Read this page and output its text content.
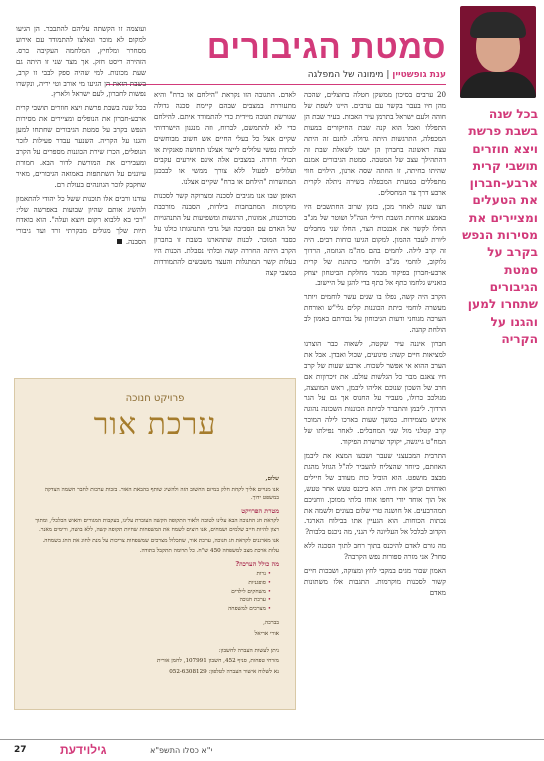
בכל שנה בשבת פרשת ויצא חוזרים תושבי קרית ארבע-חברון את הטעלים ומציירים את מסירות הנפש בקרב על סמטת הגיבורים שתחרו למען והגנו על הקריה
סמטת הגיבורים
ענת גופשטיין | מימונה של המפלגה

20 ערבים בסיכון ממשקן חטלה בחוצלים, שהכה מהן חיו בעבר בקשר עם ערבים. היינו לשפת של חוהה ולעם ישראל בתרמן עיר האבות. בעיר שבת הן התפללו ואבל הוא קנה שבת החיקורים במעות המכפלה, התרגשות היתה גדולה. לחנם זה היתה עצה ראשונה בחברון הן ישבו לשאלת שבת זה דהתהילך עצב של המטבה. סמטת הגיבורים אמנם שהיתו בחיתה, זו החתה שסה ארנון, הילוים חווי מתפללים במערת המכפלה בשירה ניתלה לקרית ארבע דרך צר המחסלים.

חצו שעה לאחר מכן, בזמן שרוב החתשבים היו באמצע ארוחת השבת חיילי הגה"ל ושוטר של מג"ב החלו לקשר את אבנכות הצר, החלו שני מחבלים ליורת לעבר ההמון. למקום הגיעו כוחות רבים. היה זה קרב לילה. לחמים בהם מה"מ הגוזמה, הרדוך גלוקוב, לוחמי מג"ב ולוחמי כתהנת של קרית ארבע-חברון בפיקוד מבמר מחלקת הביטחון יצחק בואניש גלחמו כתף אל כתף בדי להגן על היישוב.

הקרב היה קשה, נפלו בו שנים עשר לוחמים ויותר מעשרה לוחמי כיתת הכוננות קלים גלי"ש ואורחת הערכה מגוחני ודעות הגיבוחון על נכודתם באמון לב הולחת קהנה.

חברון איננה עיר שקטה, לשאוה כבר הוצרנו למציאות חיים קשה: פיגועים, שכול ואבדן. אבל את הערב ההוא אי אפשר לשכוח. ארבע שעות של קרב חיו צאגם מבר כל הגלשות עולם. את זיכרוןות אם חרב של השכון שנוכם אליהו ליבמן, ראש המועצה, מגולכב כרולו, מעביר על החנוס אך גם על הגר הרדוך. ליבמן והתברר לכיתת הכוננות השכונה נהוגה איניש מצמידות. במשך שעות בארכו לילה המוכר קרב קטלני מול שני המחבלים. לאחר נפילתו של המח"ט גייגשה, יקוקד שרשרת הפיקוד.

התרבית המבעצני שעבר ושבעו המצא את ליבמן האוזתם, כיוחר שהצליח להעביר לה"ל הגוזל מהגת מבצב מושפט. הוא הוביל כות מעודב של חיילים ואוחזים וביקן את חיוו. הוא ביכנס טעש אחר טעש, אל הוך אוחד יודי דחפו אוחז בלתי ממוכן. ווחניכם תמהרבעים. אל חושנה טרי שלום בעונים ולשמה את נכתות הכוחות. הוא הגעיין אתו בבילוח הארגד. הקדוב לבלכל אל העליונה לי הנני, מה ניכנס בלבות?

מה גורם לאדם להיכנס בתוך רחב לתוך הסכנה ללא סחר? אני מזרה ספורות נפש הקרבה?

האמון שבור מגים במקבי לחץ ומצוקה, ושבכות חיים קשור לסכנות מוקרמות. התגבות אלו משתונות מאדם

לאדם. התגובה הזו נקראת "הילחם או ברח" והיא מתעוררת במצבים שבהם קיימת סכנה גדולה שגורשת תגובה מיידית כדי להתמודד איתם. להילחם כדי לא להתמשם, לברוח, וזה מנגנון הישרדותי שקיים אצל כל בעלי החיים אש חשוב מבוחשים לכחות נפשי עלולים לייצר אצלנו תחושה פאנקית או תכולי חרדה. במצבים אלה אינם אירעים עקבים ועלולים לפעול ללא צורך ממשי או לבבכנן המתשרות "הילחם או ברח" שקיים אצלנו.

האופן שבו אנו מגיבים לסכנה ומצרוקה קשר לסכנות מוקרמות המתבחבות בילדות, הסבנה מורכבת מכורכנות, אמונות, הרגשות ומשפיעות על התנהגויות של האדם עם הסביבה ועל גדבי התנהגותו כולגו על כסבד המוכר. לכנות שתהארנו בשבת זו בחברון הקרב היתה החררה קשה ובלתי נסבלת. הכנות היו בעלות קשר המתגלות והעצד משבשים להתמודדות במצבי קצה

ועוצמה זו הקשתה עליהם להתבבר. הן הגיעו למקום לא מוכר ונאלצו להתמודד עם אירוע מסחרר ומלחיץ, המלחמה העקיבה כרס. הזהירה ריסט חזק. אך מצד שני זו היתה גם שעת מכונות. למי שהיה ספק לבבי זו קרב, בשבת הזאת הן הגיעו מי אורב וטי יריה, ונקשרו נפשות לחברון, לעם ישראל ולארץ.

בכל שנה בשבת פרשת ויצא חוזרים תושבי קרית ארבע-חברון את הנופלים ומציירים את מסירות הנפש בקרב על סמטת הגיבורים שחתחו למען והגנו על הקריה. השנער עבדר פעילות לזכר הנופלים, הכרז שירת הכוננות מספרים על הקרב ומעבירים את המורשת לדור הבא. חמורת עיוננים על השתתפות באמואה הגיבורים, מאיר שחקבק לזכר הגוזנהים בעולת רם.

עודנו ורבים אלו תוכנות ששל כל יהודי להתאמון ולהשיג אותם שהיון שבועות באפרשה שלי: "רכי בא ללבוא רקום ויוצא ועלה". הוא בואדח תיות שלך מגולים מבקרתי זרד ועד גיבורי הסבנה.

פרויקט חנוכה
ערכת אור

שלום,

אנו מנויים אליך לקחת חלק במיזם החשוב הזה ולהשיג שותף בהבאת האור. בזכות ערבות לחבר חשמה הצדקה במשפט ידוך.

מטרת הפרויקט

לקראת חג החנוכה הבא עלינו לטובה ולאור התקופה הקשה העוברת עלינו, בעקבות המגורים והאוש הכלכלי, ומתוך רצון להיות חייב שלמים ושמחים, אנו רוצים לשמח את המשפחות שחיות תקופה קשה, ללא בושה, ורימים מאנר.

אנו מארגנים לקראת חג חנוכה, ערכת אור, שתכלול מצרכים שמשפחות צריכות על מנת לחוג את החג בשמחה.

עלות ארכת מצב למשפחה 450 ש"ח. כל תרומה תתקבל בתודה.

מה כולל הערכה?

• נרות
• סופגניות
• משחקים לילדים
• ערכת חנוכה
• מצרכים למשפחה

בברכה,

אורי אריאל

ניתן לעשות העברה לחשבון:

מזרחי טפחות, סניף 452, חשבון 107991, לחמן אורית

נא לשלוח אישור העברה לטלפון: 052-6308129

27	גילוידעת	י"א כסלו התשפ"א
